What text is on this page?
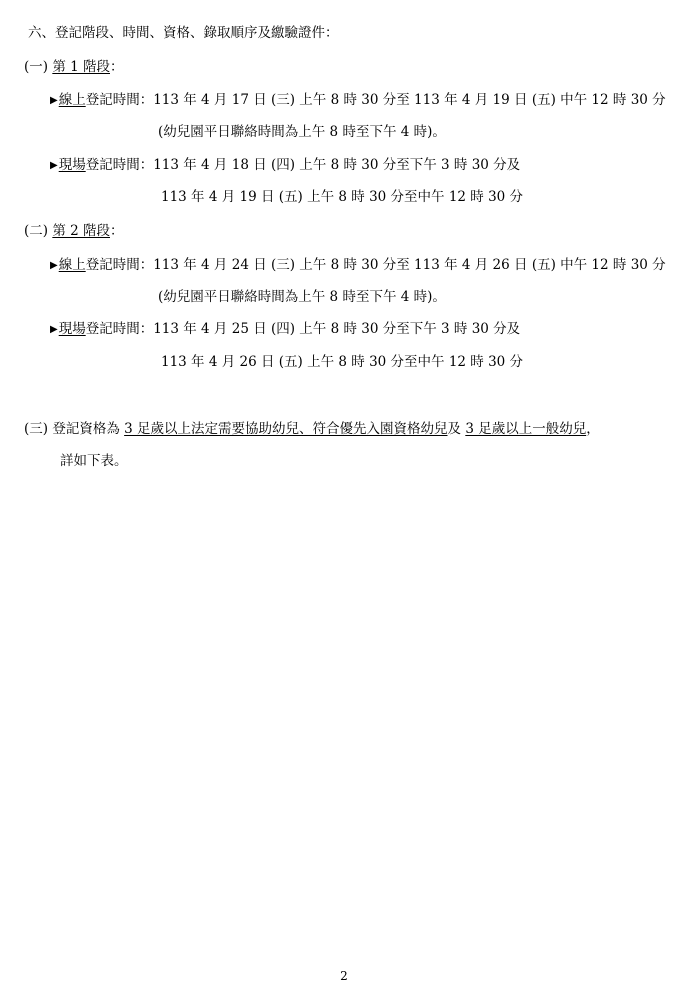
六、登記階段、時間、資格、錄取順序及繳驗證件：
(一) 第 1 階段：
▶線上登記時間：113 年 4 月 17 日 (三) 上午 8 時 30 分至 113 年 4 月 19 日 (五) 中午 12 時 30 分
(幼兒園平日聯絡時間為上午 8 時至下午 4 時)。
▶現場登記時間：113 年 4 月 18 日 (四) 上午 8 時 30 分至下午 3 時 30 分及
113 年 4 月 19 日 (五) 上午 8 時 30 分至中午 12 時 30 分
(二) 第 2 階段：
▶線上登記時間：113 年 4 月 24 日 (三) 上午 8 時 30 分至 113 年 4 月 26 日 (五) 中午 12 時 30 分
(幼兒園平日聯絡時間為上午 8 時至下午 4 時)。
▶現場登記時間：113 年 4 月 25 日 (四) 上午 8 時 30 分至下午 3 時 30 分及
113 年 4 月 26 日 (五) 上午 8 時 30 分至中午 12 時 30 分
(三) 登記資格為 3 足歲以上法定需要協助幼兒、符合優先入園資格幼兒及 3 足歲以上一般幼兒，
詳如下表。
2
